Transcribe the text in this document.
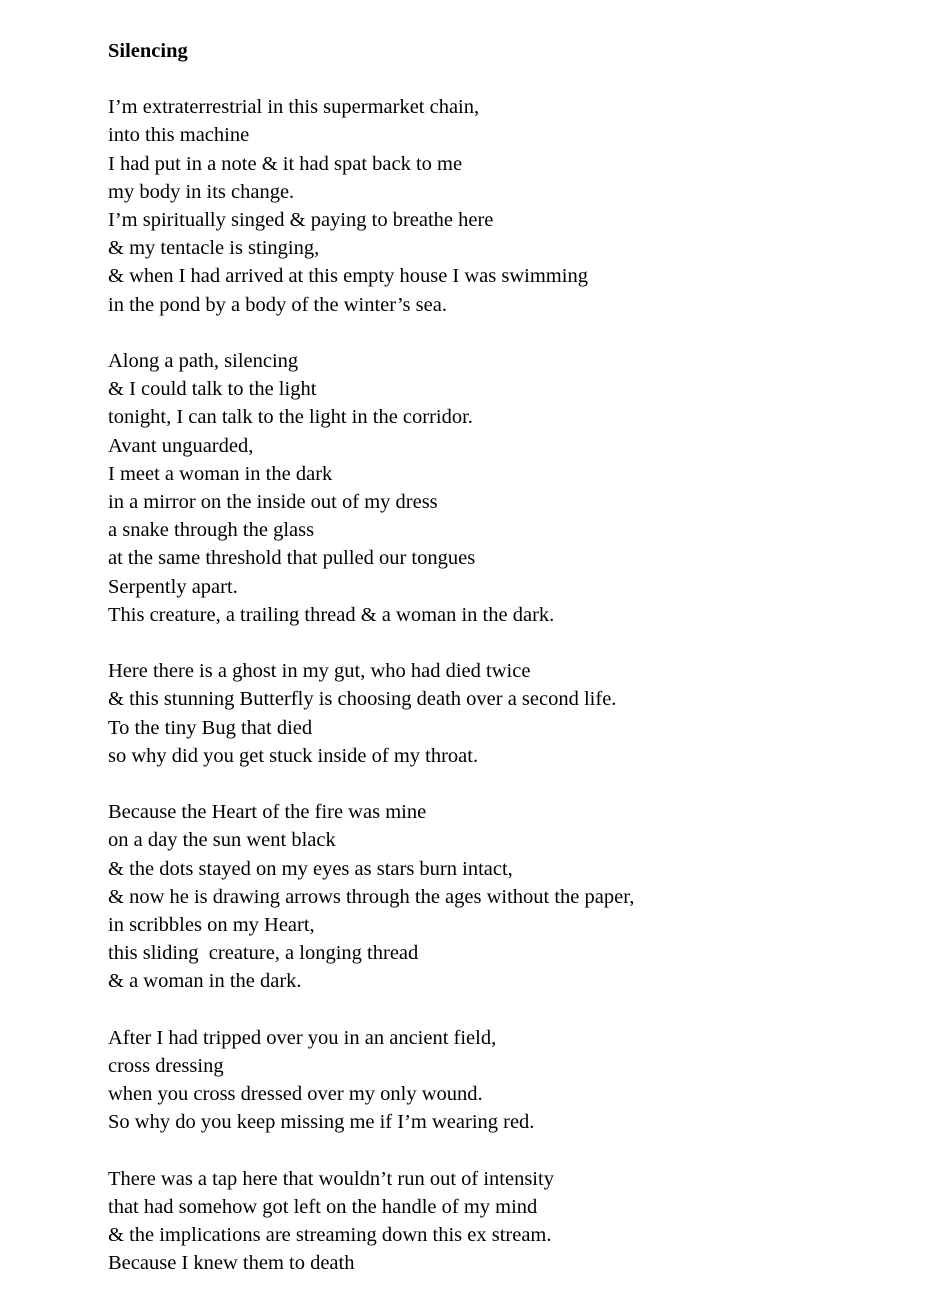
Silencing
I’m extraterrestrial in this supermarket chain,
into this machine
I had put in a note & it had spat back to me
my body in its change.
I’m spiritually singed & paying to breathe here
& my tentacle is stinging,
& when I had arrived at this empty house I was swimming
in the pond by a body of the winter’s sea.
Along a path, silencing
& I could talk to the light
tonight, I can talk to the light in the corridor.
Avant unguarded,
I meet a woman in the dark
in a mirror on the inside out of my dress
a snake through the glass
at the same threshold that pulled our tongues
Serpently apart.
This creature, a trailing thread & a woman in the dark.
Here there is a ghost in my gut, who had died twice
& this stunning Butterfly is choosing death over a second life.
To the tiny Bug that died
so why did you get stuck inside of my throat.
Because the Heart of the fire was mine
on a day the sun went black
& the dots stayed on my eyes as stars burn intact,
& now he is drawing arrows through the ages without the paper,
in scribbles on my Heart,
this sliding  creature, a longing thread
& a woman in the dark.
After I had tripped over you in an ancient field,
cross dressing
when you cross dressed over my only wound.
So why do you keep missing me if I’m wearing red.
There was a tap here that wouldn’t run out of intensity
that had somehow got left on the handle of my mind
& the implications are streaming down this ex stream.
Because I knew them to death
